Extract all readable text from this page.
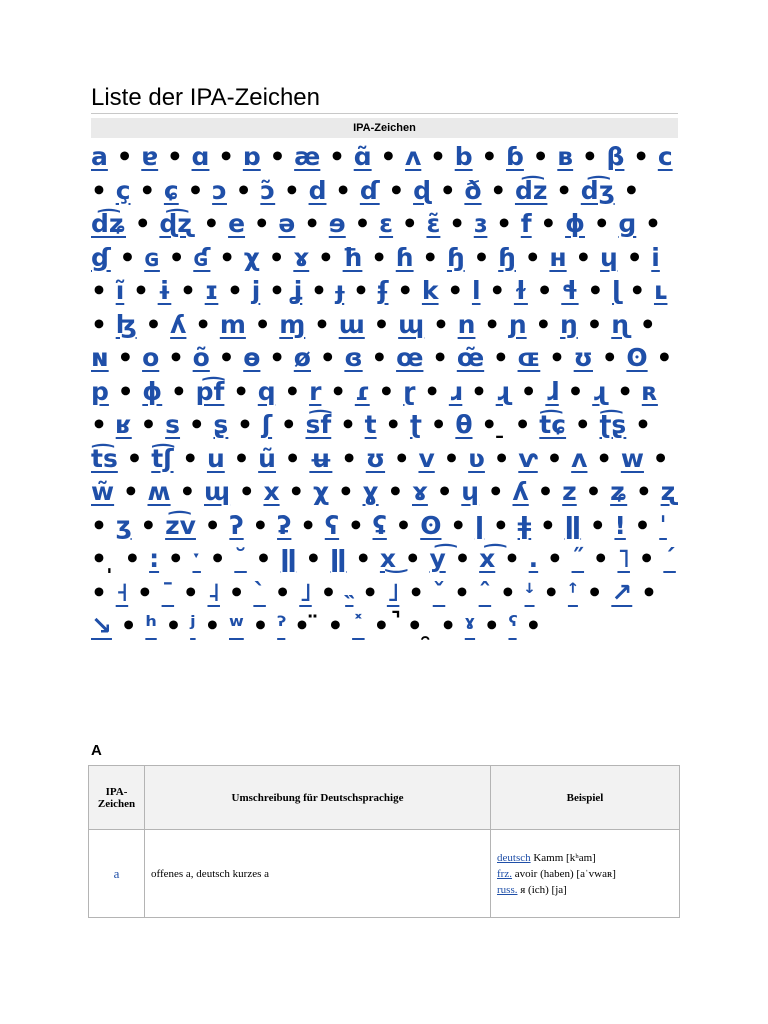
Liste der IPA-Zeichen
IPA-Zeichen
a • ɐ • ɑ • ɒ • æ • ɑ̃ • ʌ • b • ɓ • ʙ • β • c • ç • ɕ • ɔ • ɔ̃ • d • ɗ • ɖ • ð • d͡z • d͡ʒ • d͡ʑ • ɖ͡ʐ • e • ə • ɘ • ɛ • ɛ̃ • ɜ • f • ɸ • ɡ • ɠ • ɢ • ʛ • χ • ɤ • ħ • ɦ • ɧ • ɧ • ʜ • ɥ • i • ĩ • ɨ • ɪ • j • ʝ • ɟ • ʄ • k • l • ɫ • ɬ • ɭ • ʟ • ɮ • ʎ • m • ɱ • ɯ • ɰ • n • ɲ • ŋ • ɳ • ɴ • o • õ • ɵ • ø • ɞ • œ • œ̃ • ɶ • ʊ • ʘ • p • ɸ • p͡f • q • r • ɾ • ɽ • ɹ • ɻ • ɺ • ɻ • ʀ • ʁ • s • ʂ • ʃ • s͡f • t • ʈ • θ • • t͡ɕ • ʈ͡ʂ • t͡s • t͡ʃ • u • ũ • ʉ • ʊ • v • ʋ • ⱱ • ʌ • w • w̃ • ʍ • ɰ • x • χ • ɣ • ɤ • ɥ • ʎ • z • ʑ • ʐ • ʒ • z͡v • ʔ • ʡ • ʕ • ʢ • ʘ • ǀ • ǂ • ǁ • ! • ˈ • • : • ˑ • ˘ • ǁ • ǁ • x͜ • y͡ • x͡ • . • ˝ • ˥ • ˊ • ˧ • ˉ • ˨ • ˋ • ˩ • ˵ • ˩ • ˇ • ˆ • ꜜ • ꜛ • ↗ • ↘ • ʰ • ʲ • ʷ • ˀ • • ˟ • • • ˠ • ˤ •
A
IPA-Zeichen	Umschreibung für Deutschsprachige	Beispiel
a	offenes a, deutsch kurzes a	deutsch Kamm [kʰam]
frz. avoir (haben) [aˈvwaʀ]
russ. я (ich) [ja]
